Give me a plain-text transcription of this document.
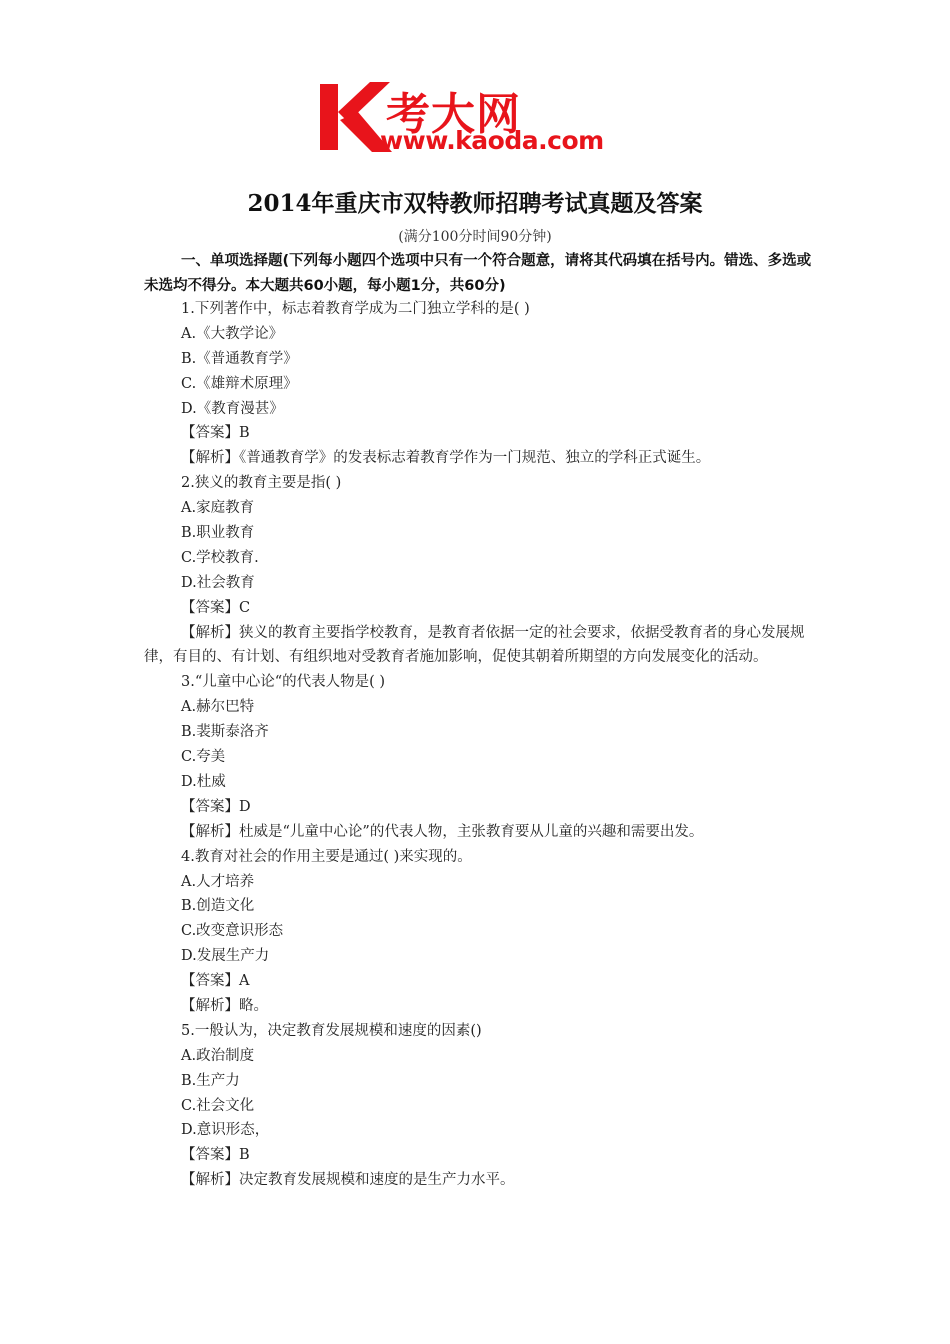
考大网
www.kaoda.com
2014年重庆市双特教师招聘考试真题及答案
(满分100分时间90分钟)
一、单项选择题(下列每小题四个选项中只有一个符合题意，请将其代码填在括号内。错选、多选或未选均不得分。本大题共60小题，每小题1分，共60分)
1.下列著作中，标志着教育学成为二门独立学科的是( )
A.《大教学论》
B.《普通教育学》
C.《雄辩术原理》
D.《教育漫甚》
【答案】B
【解析】《普通教育学》的发表标志着教育学作为一门规范、独立的学科正式诞生。
2.狭义的教育主要是指( )
A.家庭教育
B.职业教育
C.学校教育.
D.社会教育
【答案】C
【解析】狭义的教育主要指学校教育，是教育者依据一定的社会要求，依据受教育者的身心发展规律，有目的、有计划、有组织地对受教育者施加影响，促使其朝着所期望的方向发展变化的活动。
3.“儿童中心论“的代表人物是( )
A.赫尔巴特
B.裴斯泰洛齐
C.夸美
D.杜威
【答案】D
【解析】杜威是“儿童中心论”的代表人物，主张教育要从儿童的兴趣和需要出发。
4.教育对社会的作用主要是通过( )来实现的。
A.人才培养
B.创造文化
C.改变意识形态
D.发展生产力
【答案】A
【解析】略。
5.一般认为，决定教育发展规模和速度的因素()
A.政治制度
B.生产力
C.社会文化
D.意识形态，
【答案】B
【解析】决定教育发展规模和速度的是生产力水平。
